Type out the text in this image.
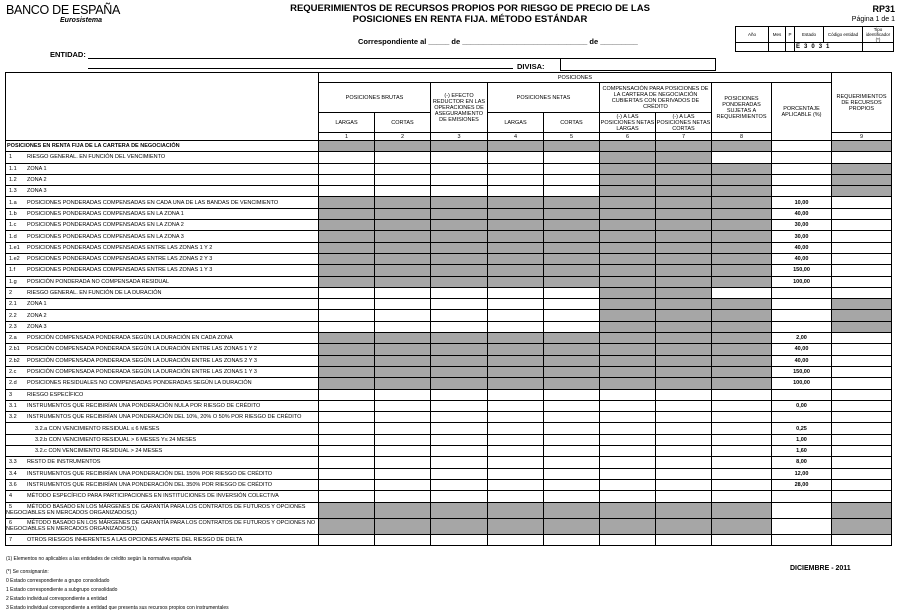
BANCO DE ESPAÑA
Eurosistema
REQUERIMIENTOS DE RECURSOS PROPIOS POR RIESGO DE PRECIO DE LAS
POSICIONES EN RENTA FIJA. MÉTODO ESTÁNDAR
RP31
Página 1 de 1
Correspondiente al _____ de ______________________________ de _________
ENTIDAD:
DIVISA:
Año	Mes	P	Estado	Código entidad	Tipo identificador (*)
			E3031		
	POSICIONES									REQUERIMIENTOS DE RECURSOS PROPIOS
	POSICIONES BRUTAS		(-) EFECTO REDUCTOR EN LAS OPERACIONES DE ASEGURAMIENTO DE EMISIONES	POSICIONES NETAS		COMPENSACIÓN PARA POSICIONES DE LA CARTERA DE NEGOCIACIÓN CUBIERTAS CON DERIVADOS DE CRÉDITO		POSICIONES PONDERADAS SUJETAS A REQUERIMIENTOS	PORCENTAJE APLICABLE (%)	
	LARGAS	CORTAS		LARGAS	CORTAS	(-) A LAS POSICIONES NETAS LARGAS	(-) A LAS POSICIONES NETAS CORTAS			
	1	2	3	4	5	6	7	8		9
POSICIONES EN RENTA FIJA DE LA CARTERA DE NEGOCIACIÓN										
1 RIESGO GENERAL. EN FUNCIÓN DEL VENCIMIENTO										
1.1 ZONA 1										
1.2 ZONA 2										
1.3 ZONA 3										
1.a POSICIONES PONDERADAS COMPENSADAS EN CADA UNA DE LAS BANDAS DE VENCIMIENTO									10,00	
1.b POSICIONES PONDERADAS COMPENSADAS EN LA ZONA 1									40,00	
1.c POSICIONES PONDERADAS COMPENSADAS EN LA ZONA 2									30,00	
1.d POSICIONES PONDERADAS COMPENSADAS EN LA ZONA 3									30,00	
1.e1 POSICIONES PONDERADAS COMPENSADAS ENTRE LAS ZONAS 1 Y 2									40,00	
1.e2 POSICIONES PONDERADAS COMPENSADAS ENTRE LAS ZONAS 2 Y 3									40,00	
1.f POSICIONES PONDERADAS COMPENSADAS ENTRE LAS ZONAS 1 Y 3									150,00	
1.g POSICIÓN PONDERADA NO COMPENSADA RESIDUAL									100,00	
2 RIESGO GENERAL. EN FUNCIÓN DE LA DURACIÓN										
2.1 ZONA 1										
2.2 ZONA 2										
2.3 ZONA 3										
2.a POSICIÓN COMPENSADA PONDERADA SEGÚN LA DURACIÓN EN CADA ZONA									2,00	
2.b1 POSICIÓN COMPENSADA PONDERADA SEGÚN LA DURACIÓN ENTRE LAS ZONAS 1 Y 2									40,00	
2.b2 POSICIÓN COMPENSADA PONDERADA SEGÚN LA DURACIÓN ENTRE LAS ZONAS 2 Y 3									40,00	
2.c POSICIÓN COMPENSADA PONDERADA SEGÚN LA DURACIÓN ENTRE LAS ZONAS 1 Y 3									150,00	
2.d POSICIONES RESIDUALES NO COMPENSADAS PONDERADAS SEGÚN LA DURACIÓN									100,00	
3 RIESGO ESPECÍFICO										
3.1 INSTRUMENTOS QUE RECIBIRÍAN UNA PONDERACIÓN NULA POR RIESGO DE CRÉDITO									0,00	
3.2 INSTRUMENTOS QUE RECIBIRÍAN UNA PONDERACIÓN DEL 10%, 20% O 50% POR RIESGO DE CRÉDITO										
3.2.a CON VENCIMIENTO RESIDUAL ≤ 6 MESES									0,25	
3.2.b CON VENCIMIENTO RESIDUAL > 6 MESES Y≤ 24 MESES									1,00	
3.2.c CON VENCIMIENTO RESIDUAL > 24 MESES									1,60	
3.3 RESTO DE INSTRUMENTOS									8,00	
3.4 INSTRUMENTOS QUE RECIBIRÍAN UNA PONDERACIÓN DEL 150% POR RIESGO DE CRÉDITO									12,00	
3.6 INSTRUMENTOS QUE RECIBIRÍAN UNA PONDERACIÓN DEL 350% POR RIESGO DE CRÉDITO									28,00	
4 MÉTODO ESPECÍFICO PARA PARTICIPACIONES EN INSTITUCIONES DE INVERSIÓN COLECTIVA										
5 MÉTODO BASADO EN LOS MÁRGENES DE GARANTÍA PARA LOS CONTRATOS DE FUTUROS Y OPCIONES NEGOCIABLES EN MERCADOS ORGANIZADOS(1)										
6 MÉTODO BASADO EN LOS MÁRGENES DE GARANTÍA PARA LOS CONTRATOS DE FUTUROS Y OPCIONES NO NEGOCIABLES EN MERCADOS ORGANIZADOS(1)										
7 OTROS RIESGOS INHERENTES A LAS OPCIONES APARTE DEL RIESGO DE DELTA										
(1) Elementos no aplicables a las entidades de crédito según la normativa española
(*) Se consignarán:
0 Estado correspondiente a grupo consolidado
1 Estado correspondiente a subgrupo consolidado
2 Estado individual correspondiente a entidad
3 Estado individual correspondiente a entidad que presenta sus recursos propios con instrumentales
DICIEMBRE - 2011
